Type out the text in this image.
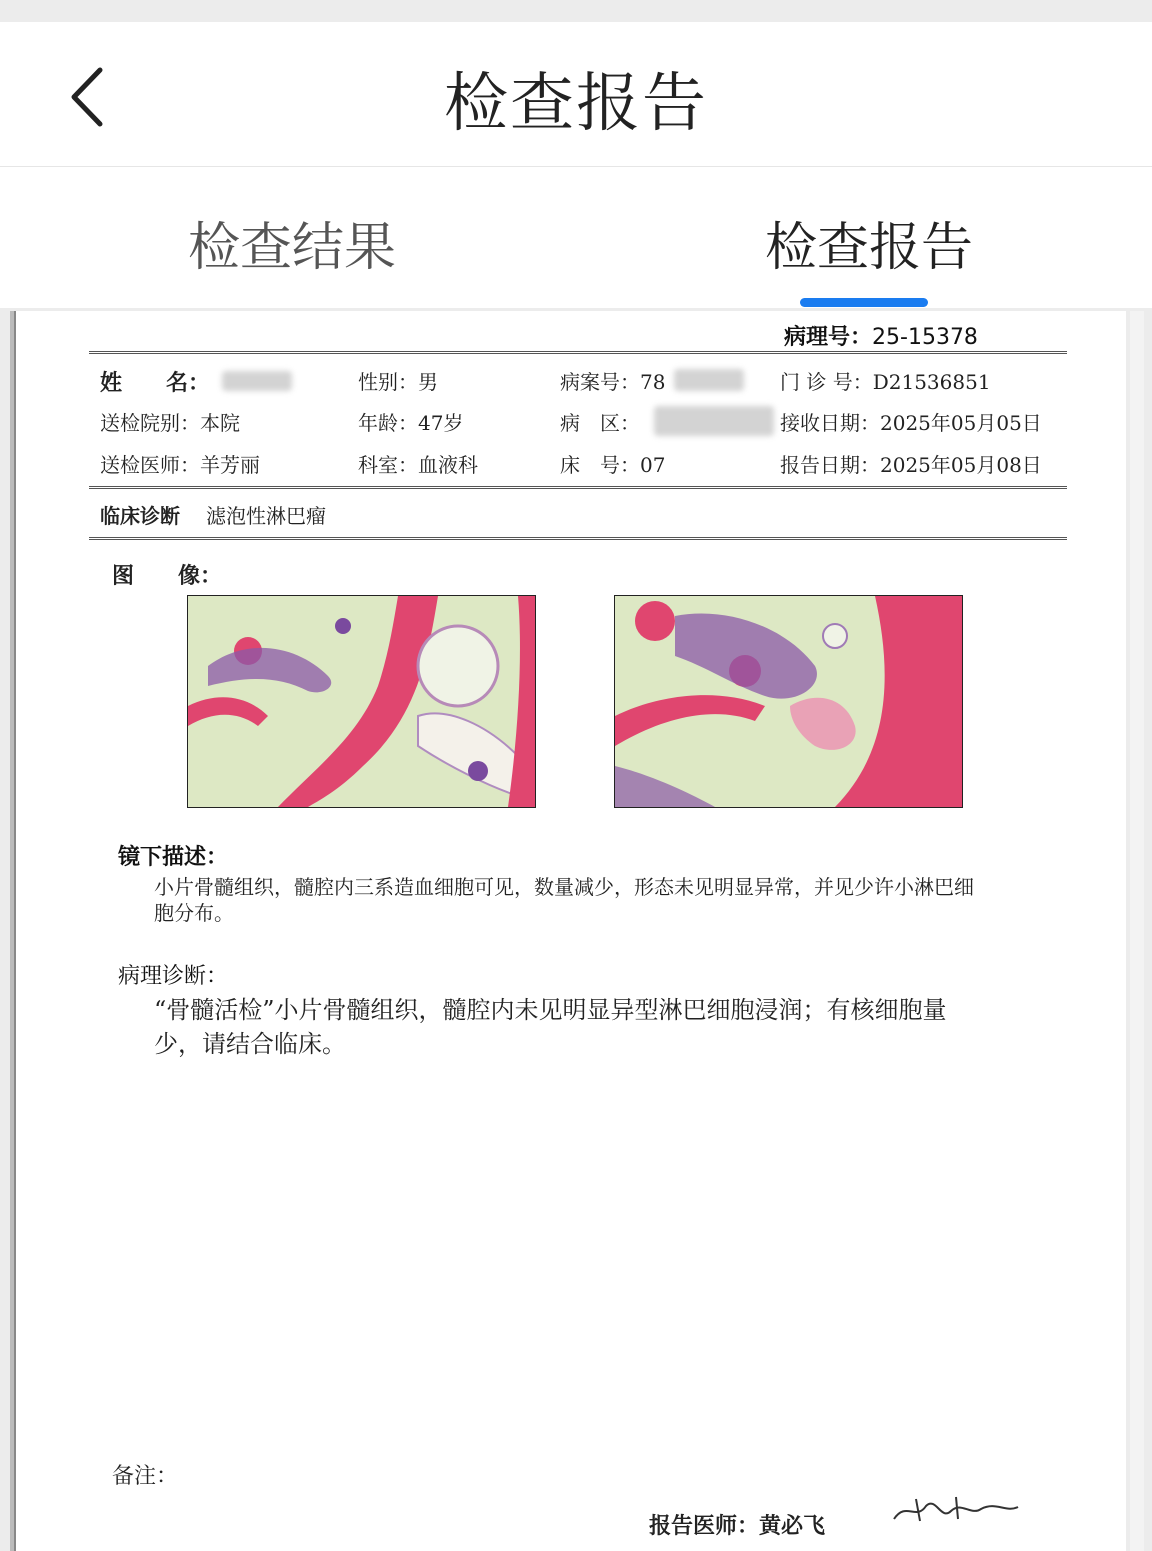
检查报告
检查结果	检查报告
病理号：25-15378
姓　　名：	性别：男	病案号：78	门 诊 号：D21536851
送检院别：本院	年龄：47岁	病　区：	接收日期：2025年05月05日
送检医师：羊芳丽	科室：血液科	床　号：07	报告日期：2025年05月08日
临床诊断 滤泡性淋巴瘤
图　　像：
镜下描述：
小片骨髓组织，髓腔内三系造血细胞可见，数量减少，形态未见明显异常，并见少许小淋巴细胞分布。
病理诊断：
“骨髓活检”小片骨髓组织，髓腔内未见明显异型淋巴细胞浸润；有核细胞量少，请结合临床。
备注：
报告医师：黄必飞
